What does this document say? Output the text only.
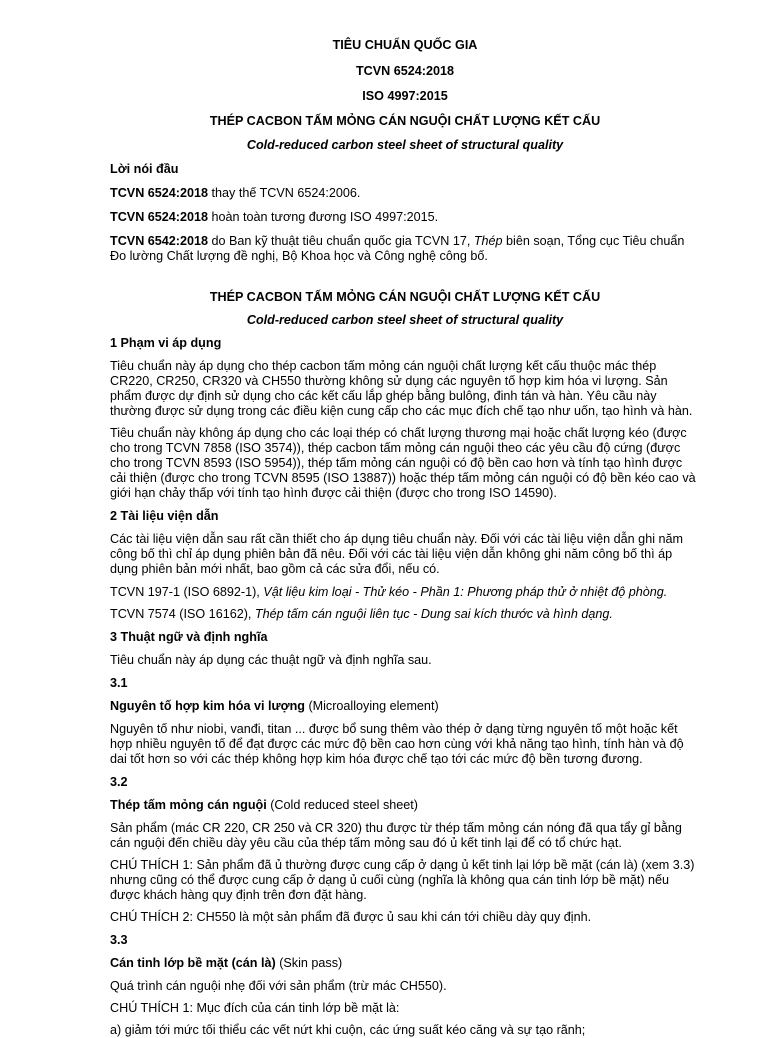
TIÊU CHUẨN QUỐC GIA

TCVN 6524:2018

ISO 4997:2015

THÉP CACBON TẤM MỎNG CÁN NGUỘI CHẤT LƯỢNG KẾT CẤU

Cold-reduced carbon steel sheet of structural quality

Lời nói đầu

TCVN 6524:2018 thay thế TCVN 6524:2006.

TCVN 6524:2018 hoàn toàn tương đương ISO 4997:2015.

TCVN 6542:2018 do Ban kỹ thuật tiêu chuẩn quốc gia TCVN 17, Thép biên soạn, Tổng cục Tiêu chuẩn Đo lường Chất lượng đề nghị, Bộ Khoa học và Công nghệ công bố.

THÉP CACBON TẤM MỎNG CÁN NGUỘI CHẤT LƯỢNG KẾT CẤU

Cold-reduced carbon steel sheet of structural quality

1 Phạm vi áp dụng

Tiêu chuẩn này áp dụng cho thép cacbon tấm mỏng cán nguội chất lượng kết cấu thuộc mác thép CR220, CR250, CR320 và CH550 thường không sử dụng các nguyên tố hợp kim hóa vi lượng. Sản phẩm được dự định sử dụng cho các kết cấu lắp ghép bằng bulông, đinh tán và hàn. Yêu cầu này thường được sử dụng trong các điều kiện cung cấp cho các mục đích chế tạo như uốn, tạo hình và hàn.

Tiêu chuẩn này không áp dụng cho các loại thép có chất lượng thương mại hoặc chất lượng kéo (được cho trong TCVN 7858 (ISO 3574)), thép cacbon tấm mỏng cán nguội theo các yêu cầu độ cứng (được cho trong TCVN 8593 (ISO 5954)), thép tấm mỏng cán nguội có độ bền cao hơn và tính tạo hình được cải thiện (được cho trong TCVN 8595 (ISO 13887)) hoặc thép tấm mỏng cán nguội có độ bền kéo cao và giới hạn chảy thấp với tính tạo hình được cải thiện (được cho trong ISO 14590).

2 Tài liệu viện dẫn

Các tài liệu viện dẫn sau rất cần thiết cho áp dụng tiêu chuẩn này. Đối với các tài liệu viện dẫn ghi năm công bố thì chỉ áp dụng phiên bản đã nêu. Đối với các tài liệu viện dẫn không ghi năm công bố thì áp dụng phiên bản mới nhất, bao gồm cả các sửa đổi, nếu có.

TCVN 197-1 (ISO 6892-1), Vật liệu kim loại - Thử kéo - Phần 1: Phương pháp thử ở nhiệt độ phòng.

TCVN 7574 (ISO 16162), Thép tấm cán nguội liên tục - Dung sai kích thước và hình dạng.

3 Thuật ngữ và định nghĩa

Tiêu chuẩn này áp dụng các thuật ngữ và định nghĩa sau.

3.1

Nguyên tố hợp kim hóa vi lượng (Microalloying element)

Nguyên tố như niobi, vanđi, titan ... được bổ sung thêm vào thép ở dạng từng nguyên tố một hoặc kết hợp nhiều nguyên tố để đạt được các mức độ bền cao hơn cùng với khả năng tạo hình, tính hàn và độ dai tốt hơn so với các thép không hợp kim hóa được chế tạo tới các mức độ bền tương đương.

3.2

Thép tấm mỏng cán nguội (Cold reduced steel sheet)

Sản phẩm (mác CR 220, CR 250 và CR 320) thu được từ thép tấm mỏng cán nóng đã qua tẩy gỉ bằng cán nguội đến chiều dày yêu cầu của thép tấm mỏng sau đó ủ kết tinh lại để có tổ chức hạt.

CHÚ THÍCH 1: Sản phẩm đã ủ thường được cung cấp ở dạng ủ kết tinh lại lớp bề mặt (cán là) (xem 3.3) nhưng cũng có thể được cung cấp ở dạng ủ cuối cùng (nghĩa là không qua cán tinh lớp bề mặt) nếu được khách hàng quy định trên đơn đặt hàng.

CHÚ THÍCH 2: CH550 là một sản phẩm đã được ủ sau khi cán tới chiều dày quy định.

3.3

Cán tinh lớp bề mặt (cán là) (Skin pass)

Quá trình cán nguội nhẹ đối với sản phẩm (trừ mác CH550).

CHÚ THÍCH 1: Mục đích của cán tinh lớp bề mặt là:

a) giảm tới mức tối thiểu các vết nứt khi cuộn, các ứng suất kéo căng và sự tạo rãnh;
